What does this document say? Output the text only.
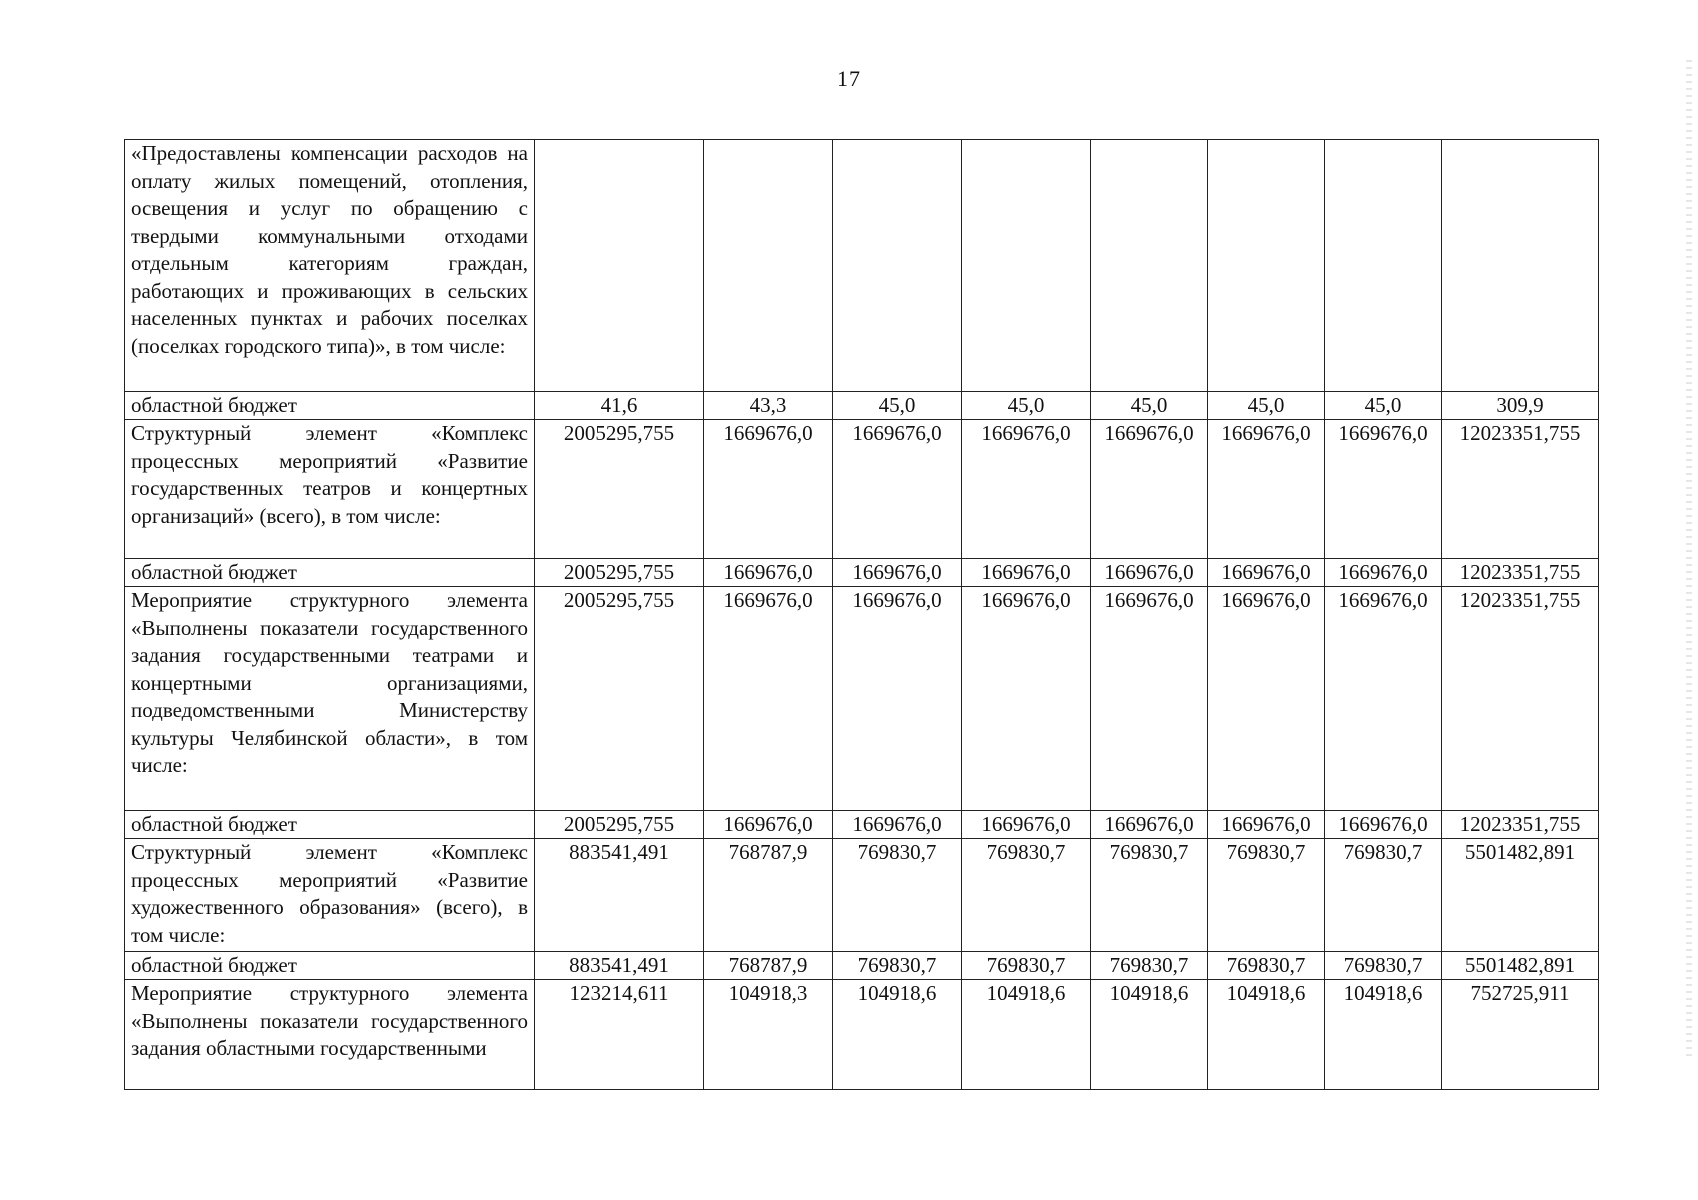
17
«Предоставлены компенсации расходов на оплату жилых помещений, отопления, освещения и услуг по обращению с твердыми коммунальными отходами отдельным категориям граждан, работающих и проживающих в сельских населенных пунктах и рабочих поселках (поселках городского типа)», в том числе:								
областной бюджет	41,6	43,3	45,0	45,0	45,0	45,0	45,0	309,9
Структурный элемент «Комплекс процессных мероприятий «Развитие государственных театров и концертных организаций» (всего), в том числе:	2005295,755	1669676,0	1669676,0	1669676,0	1669676,0	1669676,0	1669676,0	12023351,755
областной бюджет	2005295,755	1669676,0	1669676,0	1669676,0	1669676,0	1669676,0	1669676,0	12023351,755
Мероприятие структурного элемента «Выполнены показатели государственного задания государственными театрами и концертными организациями, подведомственными Министерству культуры Челябинской области», в том числе:	2005295,755	1669676,0	1669676,0	1669676,0	1669676,0	1669676,0	1669676,0	12023351,755
областной бюджет	2005295,755	1669676,0	1669676,0	1669676,0	1669676,0	1669676,0	1669676,0	12023351,755
Структурный элемент «Комплекс процессных мероприятий «Развитие художественного образования» (всего), в том числе:	883541,491	768787,9	769830,7	769830,7	769830,7	769830,7	769830,7	5501482,891
областной бюджет	883541,491	768787,9	769830,7	769830,7	769830,7	769830,7	769830,7	5501482,891
Мероприятие структурного элемента «Выполнены показатели государственного задания областными государственными	123214,611	104918,3	104918,6	104918,6	104918,6	104918,6	104918,6	752725,911
